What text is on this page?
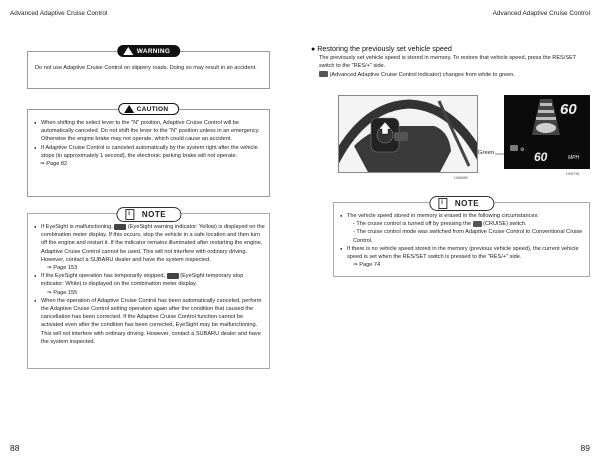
Advanced Adaptive Cruise Control	Advanced Adaptive Cruise Control
WARNING
Do not use Adaptive Cruise Control on slippery roads. Doing so may result in an accident.
CAUTION
● When shifting the select lever to the "N" position, Adaptive Cruise Control will be automatically canceled. Do not shift the lever to the "N" position unless in an emergency. Otherwise the engine brake may not operate, which could cause an accident.
● If Adaptive Cruise Control is canceled automatically by the system right after the vehicle stops (in approximately 1 second), the electronic parking brake will not operate.
⇒ Page 82
i	NOTE
● If EyeSight is malfunctioning,	(EyeSight warning indicator: Yellow) is displayed on the combination meter display. If this occurs, stop the vehicle in a safe location and then turn off the engine and restart it. If the indicator remains illuminated after restarting the engine, Adaptive Cruise Control cannot be used. This will not interfere with ordinary driving. However, contact a SUBARU dealer and have the system inspected.
⇒ Page 153
● If the EyeSight operation has temporarily stopped,	(EyeSight temporary stop indicator: White) is displayed on the combination meter display.
⇒ Page 155
● When the operation of Adaptive Cruise Control has been automatically canceled, perform the Adaptive Cruise Control setting operation again after the condition that caused the cancellation has been corrected. If the Adaptive Cruise Control function cannot be activated even after the condition has been corrected, EyeSight may be malfunctioning. This will not interfere with ordinary driving. However, contact a SUBARU dealer and have the system inspected.
● Restoring the previously set vehicle speed
The previously set vehicle speed is stored in memory. To restore that vehicle speed, press the RES/SET switch to the "RES/+" side.
(Advanced Adaptive Cruise Control indicator) changes from white to green.
H0866B
Green	⚙
60
60	MPH
H06735
i	NOTE
● The vehicle speed stored in memory is erased in the following circumstances:
- The cruise control is turned off by pressing the (CRUISE) switch.
- The cruise control mode was switched from Adaptive Cruise Control to Conventional Cruise Control.
● If there is no vehicle speed stored in the memory (previous vehicle speed), the current vehicle speed is set when the RES/SET switch is pressed to the "RES/+" side.
⇒ Page 74
88	89
